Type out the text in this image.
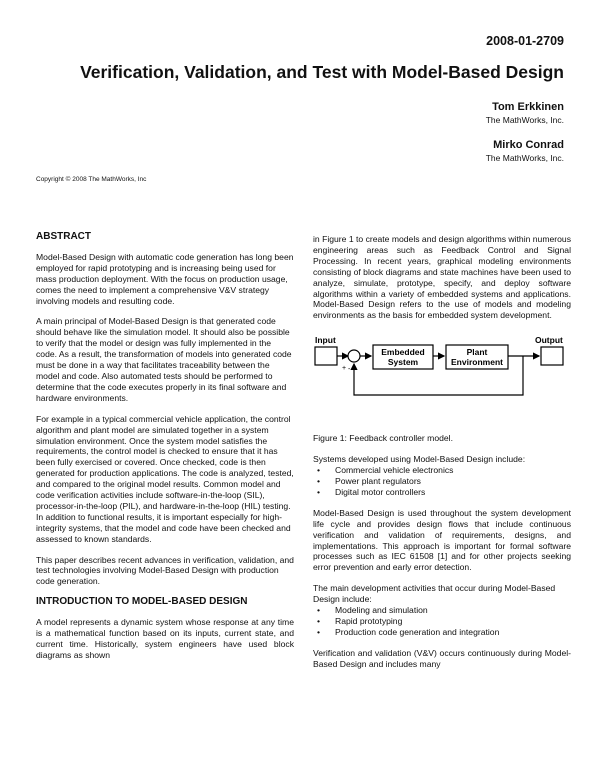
2008-01-2709
Verification, Validation, and Test with Model-Based Design
Tom Erkkinen
The MathWorks, Inc.
Mirko Conrad
The MathWorks, Inc.
Copyright © 2008 The MathWorks, Inc
ABSTRACT

Model-Based Design with automatic code generation has long been employed for rapid prototyping and is increasing being used for mass production deployment. With the focus on production usage, comes the need to implement a comprehensive V&V strategy involving models and resulting code.

A main principal of Model-Based Design is that generated code should behave like the simulation model. It should also be possible to verify that the model or design was fully implemented in the code. As a result, the transformation of models into generated code must be done in a way that facilitates traceability between the model and code. Also automated tests should be performed to determine that the code executes properly in its final software and hardware environments.

For example in a typical commercial vehicle application, the control algorithm and plant model are simulated together in a system simulation environment. Once the system model satisfies the requirements, the control model is checked to ensure that it has been fully exercised or covered. Once checked, code is then generated for production applications. The code is analyzed, tested, and compared to the original model results. Common model and code verification activities include software-in-the-loop (SIL), processor-in-the-loop (PIL), and hardware-in-the-loop (HIL) testing. In addition to functional results, it is important especially for high-integrity systems, that the model and code have been checked and assessed to known standards.

This paper describes recent advances in verification, validation, and test technologies involving Model-Based Design with production code generation.

INTRODUCTION TO MODEL-BASED DESIGN

A model represents a dynamic system whose response at any time is a mathematical function based on its inputs, current state, and current time. Historically, system engineers have used block diagrams as shown

in Figure 1 to create models and design algorithms within numerous engineering areas such as Feedback Control and Signal Processing. In recent years, graphical modeling environments consisting of block diagrams and state machines have been used to analyze, simulate, prototype, specify, and deploy software algorithms within a variety of embedded systems and applications. Model-Based Design refers to the use of models and modeling environments as the basis for embedded system development.

Input
+ -
Embedded
System
Plant
Environment
Output
Figure 1: Feedback controller model.

Systems developed using Model-Based Design include:

• Commercial vehicle electronics
• Power plant regulators
• Digital motor controllers

Model-Based Design is used throughout the system development life cycle and provides design flows that include continuous verification and validation of requirements, designs, and implementations. This approach is important for formal software processes such as IEC 61508 [1] and for other projects seeking error prevention and early error detection.

The main development activities that occur during Model-Based Design include:

• Modeling and simulation
• Rapid prototyping
• Production code generation and integration

Verification and validation (V&V) occurs continuously during Model-Based Design and includes many
